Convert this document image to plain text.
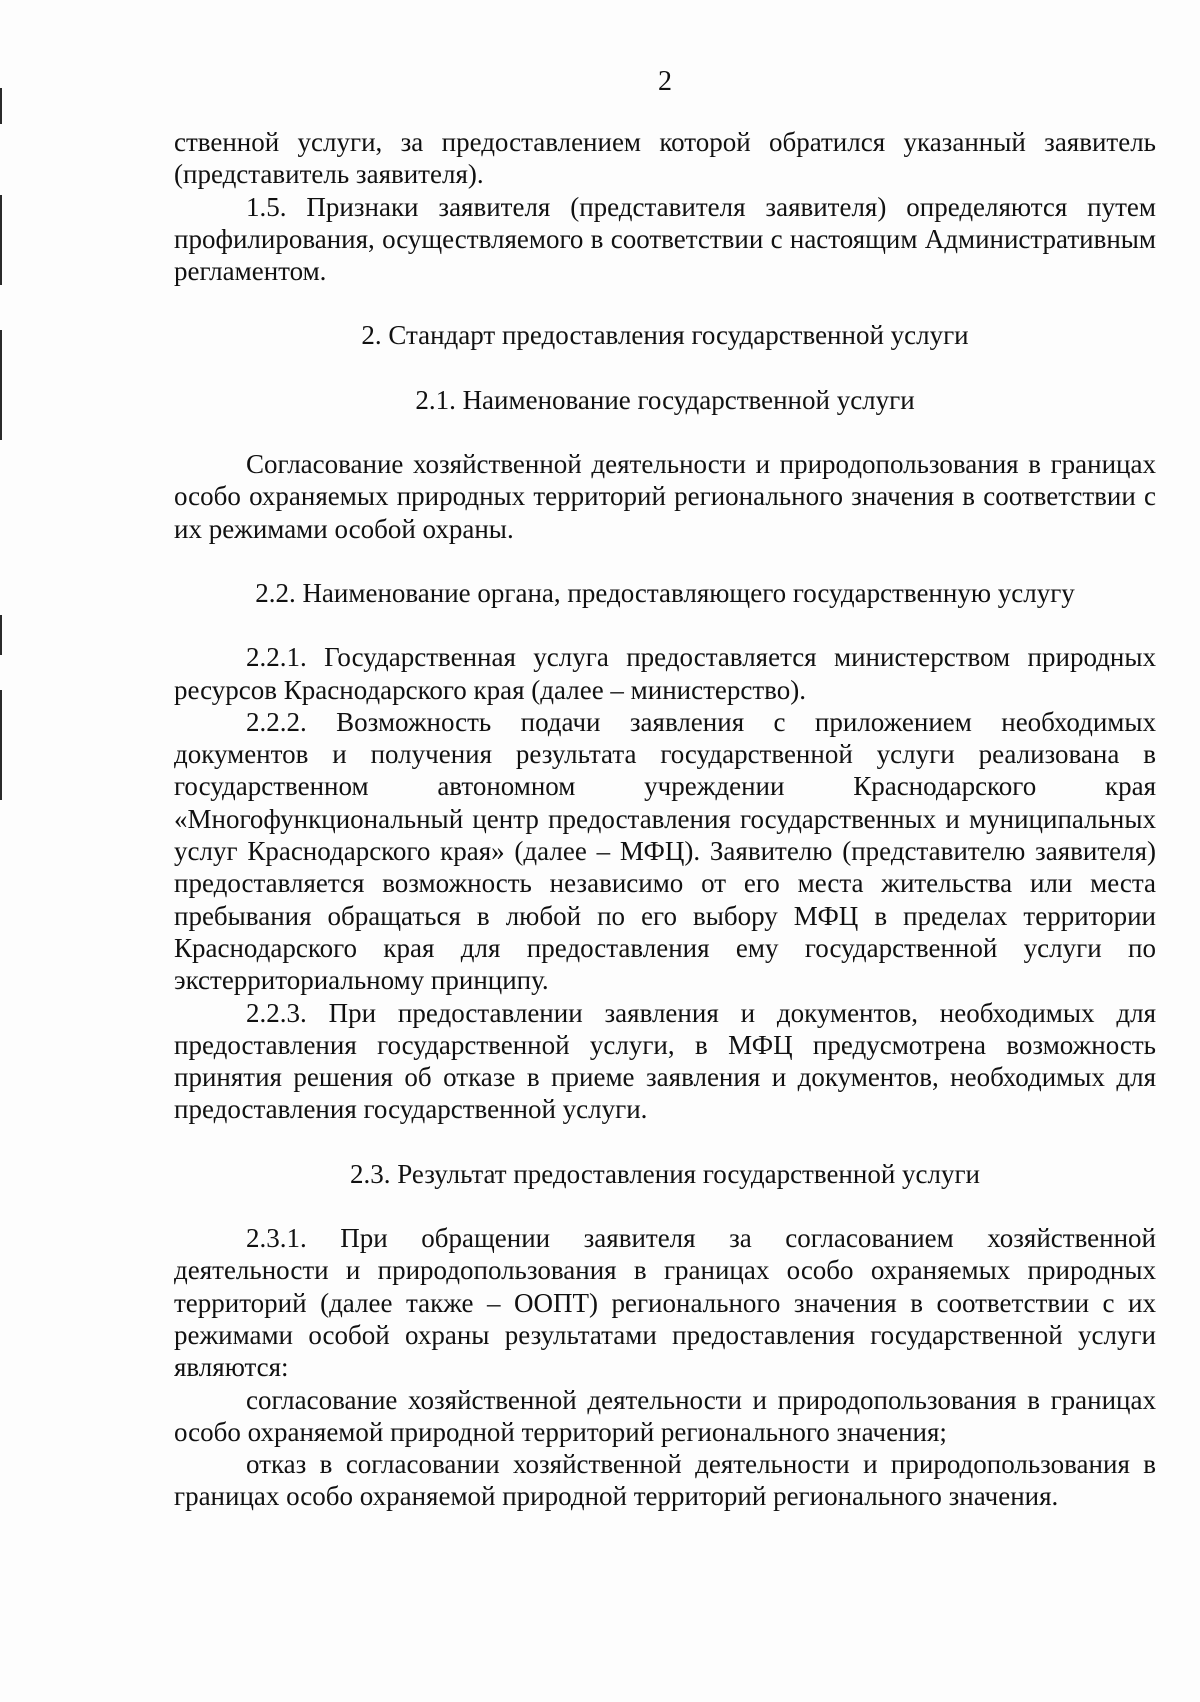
2

ственной услуги, за предоставлением которой обратился указанный заявитель (представитель заявителя).

1.5. Признаки заявителя (представителя заявителя) определяются путем профилирования, осуществляемого в соответствии с настоящим Административным регламентом.

2. Стандарт предоставления государственной услуги

2.1. Наименование государственной услуги

Согласование хозяйственной деятельности и природопользования в границах особо охраняемых природных территорий регионального значения в соответствии с их режимами особой охраны.

2.2. Наименование органа, предоставляющего государственную услугу

2.2.1. Государственная услуга предоставляется министерством природных ресурсов Краснодарского края (далее – министерство).

2.2.2. Возможность подачи заявления с приложением необходимых документов и получения результата государственной услуги реализована в государственном автономном учреждении Краснодарского края «Многофункциональный центр предоставления государственных и муниципальных услуг Краснодарского края» (далее – МФЦ). Заявителю (представителю заявителя) предоставляется возможность независимо от его места жительства или места пребывания обращаться в любой по его выбору МФЦ в пределах территории Краснодарского края для предоставления ему государственной услуги по экстерриториальному принципу.

2.2.3. При предоставлении заявления и документов, необходимых для предоставления государственной услуги, в МФЦ предусмотрена возможность принятия решения об отказе в приеме заявления и документов, необходимых для предоставления государственной услуги.

2.3. Результат предоставления государственной услуги

2.3.1. При обращении заявителя за согласованием хозяйственной деятельности и природопользования в границах особо охраняемых природных территорий (далее также – ООПТ) регионального значения в соответствии с их режимами особой охраны результатами предоставления государственной услуги являются:

согласование хозяйственной деятельности и природопользования в границах особо охраняемой природной территорий регионального значения;

отказ в согласовании хозяйственной деятельности и природопользования в границах особо охраняемой природной территорий регионального значения.
